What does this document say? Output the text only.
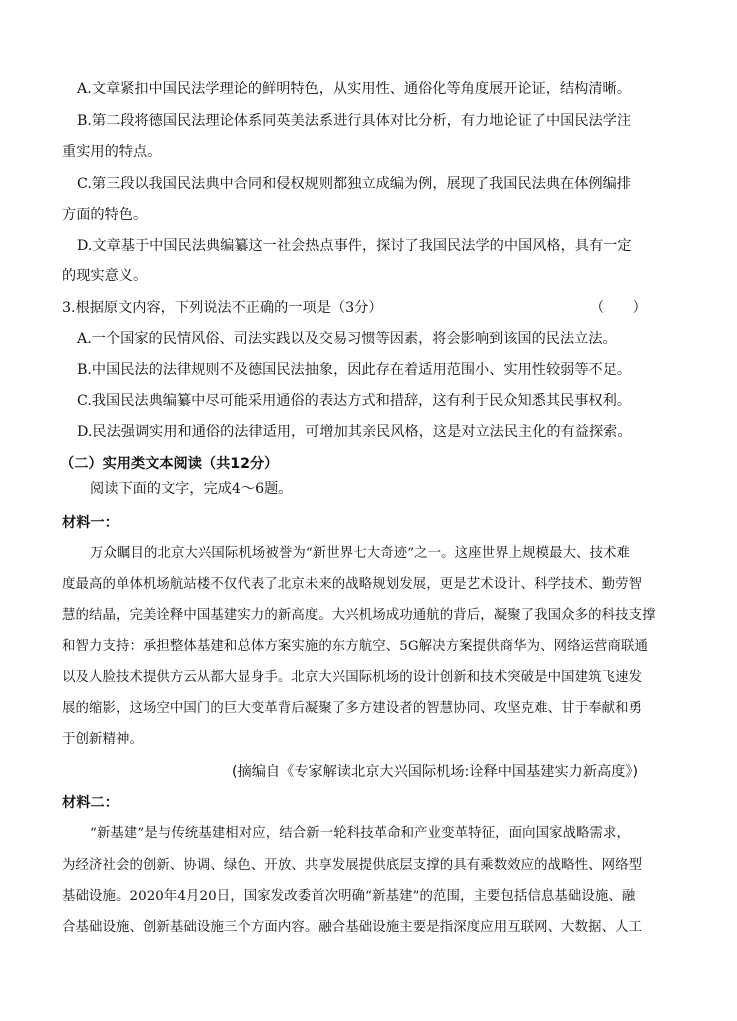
A.文章紧扣中国民法学理论的鲜明特色，从实用性、通俗化等角度展开论证，结构清晰。
B.第二段将德国民法理论体系同英美法系进行具体对比分析，有力地论证了中国民法学注
重实用的特点。
C.第三段以我国民法典中合同和侵权规则都独立成编为例，展现了我国民法典在体例编排
方面的特色。
D.文章基于中国民法典编纂这一社会热点事件，探讨了我国民法学的中国风格，具有一定
的现实意义。
3.根据原文内容，下列说法不正确的一项是（3分）	（　　）
A.一个国家的民情风俗、司法实践以及交易习惯等因素，将会影响到该国的民法立法。
B.中国民法的法律规则不及德国民法抽象，因此存在着适用范围小、实用性较弱等不足。
C.我国民法典编纂中尽可能采用通俗的表达方式和措辞，这有利于民众知悉其民事权利。
D.民法强调实用和通俗的法律适用，可增加其亲民风格，这是对立法民主化的有益探索。
（二）实用类文本阅读（共12分）
阅读下面的文字，完成4～6题。
材料一：
万众瞩目的北京大兴国际机场被誉为“新世界七大奇迹”之一。这座世界上规模最大、技术难
度最高的单体机场航站楼不仅代表了北京未来的战略规划发展，更是艺术设计、科学技术、勤劳智
慧的结晶，完美诠释中国基建实力的新高度。大兴机场成功通航的背后，凝聚了我国众多的科技支撑
和智力支持：承担整体基建和总体方案实施的东方航空、5G解决方案提供商华为、网络运营商联通
以及人脸技术提供方云从都大显身手。北京大兴国际机场的设计创新和技术突破是中国建筑飞速发
展的缩影，这场空中国门的巨大变革背后凝聚了多方建设者的智慧协同、攻坚克难、甘于奉献和勇
于创新精神。
(摘编自《专家解读北京大兴国际机场:诠释中国基建实力新高度》)
材料二：
“新基建”是与传统基建相对应，结合新一轮科技革命和产业变革特征，面向国家战略需求，
为经济社会的创新、协调、绿色、开放、共享发展提供底层支撑的具有乘数效应的战略性、网络型
基础设施。2020年4月20日，国家发改委首次明确“新基建”的范围，主要包括信息基础设施、融
合基础设施、创新基础设施三个方面内容。融合基础设施主要是指深度应用互联网、大数据、人工
